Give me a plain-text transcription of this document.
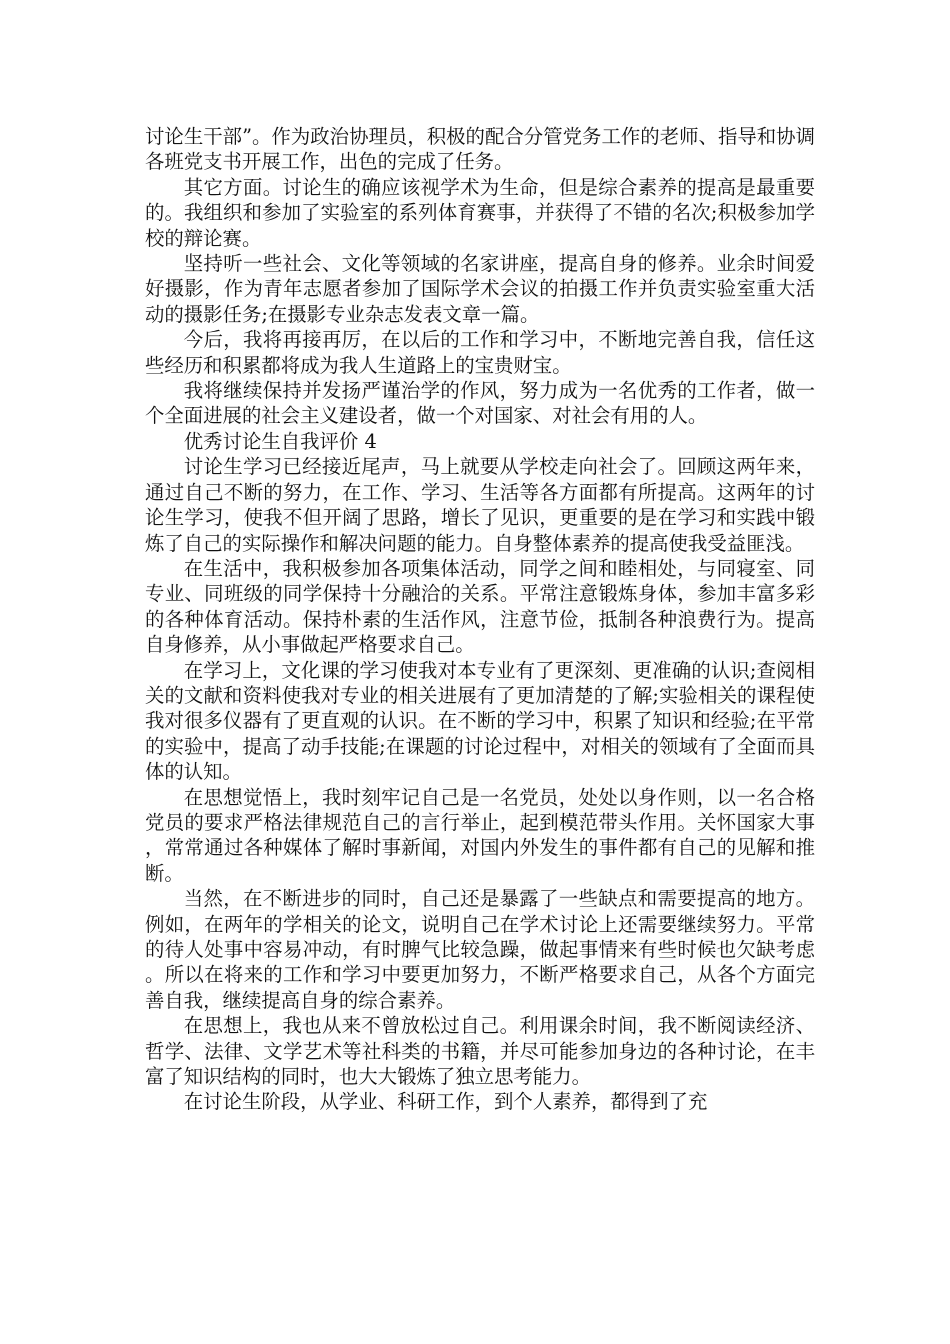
讨论生干部”。作为政治协理员，积极的配合分管党务工作的老师、指导和协调各班党支书开展工作，出色的完成了任务。

其它方面。讨论生的确应该视学术为生命，但是综合素养的提高是最重要的。我组织和参加了实验室的系列体育赛事，并获得了不错的名次;积极参加学校的辩论赛。

坚持听一些社会、文化等领域的名家讲座，提高自身的修养。业余时间爱好摄影，作为青年志愿者参加了国际学术会议的拍摄工作并负责实验室重大活动的摄影任务;在摄影专业杂志发表文章一篇。

今后，我将再接再厉，在以后的工作和学习中，不断地完善自我，信任这些经历和积累都将成为我人生道路上的宝贵财宝。

我将继续保持并发扬严谨治学的作风，努力成为一名优秀的工作者，做一个全面进展的社会主义建设者，做一个对国家、对社会有用的人。

优秀讨论生自我评价 4

讨论生学习已经接近尾声，马上就要从学校走向社会了。回顾这两年来，通过自己不断的努力，在工作、学习、生活等各方面都有所提高。这两年的讨论生学习，使我不但开阔了思路，增长了见识，更重要的是在学习和实践中锻炼了自己的实际操作和解决问题的能力。自身整体素养的提高使我受益匪浅。

在生活中，我积极参加各项集体活动，同学之间和睦相处，与同寝室、同专业、同班级的同学保持十分融洽的关系。平常注意锻炼身体，参加丰富多彩的各种体育活动。保持朴素的生活作风，注意节俭，抵制各种浪费行为。提高自身修养，从小事做起严格要求自己。

在学习上，文化课的学习使我对本专业有了更深刻、更准确的认识;查阅相关的文献和资料使我对专业的相关进展有了更加清楚的了解;实验相关的课程使我对很多仪器有了更直观的认识。在不断的学习中，积累了知识和经验;在平常的实验中，提高了动手技能;在课题的讨论过程中，对相关的领域有了全面而具体的认知。

在思想觉悟上，我时刻牢记自己是一名党员，处处以身作则，以一名合格党员的要求严格法律规范自己的言行举止，起到模范带头作用。关怀国家大事，常常通过各种媒体了解时事新闻，对国内外发生的事件都有自己的见解和推断。

当然，在不断进步的同时，自己还是暴露了一些缺点和需要提高的地方。例如，在两年的学相关的论文，说明自己在学术讨论上还需要继续努力。平常的待人处事中容易冲动，有时脾气比较急躁，做起事情来有些时候也欠缺考虑。所以在将来的工作和学习中要更加努力，不断严格要求自己，从各个方面完善自我，继续提高自身的综合素养。

在思想上，我也从来不曾放松过自己。利用课余时间，我不断阅读经济、哲学、法律、文学艺术等社科类的书籍，并尽可能参加身边的各种讨论，在丰富了知识结构的同时，也大大锻炼了独立思考能力。

在讨论生阶段，从学业、科研工作，到个人素养，都得到了充
